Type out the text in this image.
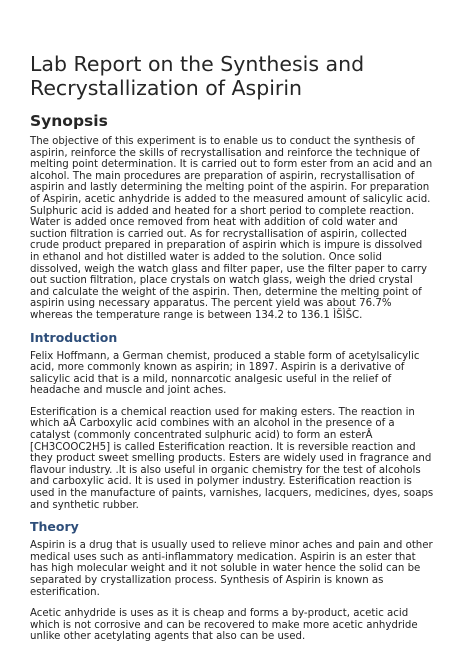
Lab Report on the Synthesis and Recrystallization of Aspirin
Synopsis

The objective of this experiment is to enable us to conduct the synthesis of aspirin, reinforce the skills of recrystallisation and reinforce the technique of melting point determination. It is carried out to form ester from an acid and an alcohol. The main procedures are preparation of aspirin, recrystallisation of aspirin and lastly determining the melting point of the aspirin. For preparation of Aspirin, acetic anhydride is added to the measured amount of salicylic acid. Sulphuric acid is added and heated for a short period to complete reaction. Water is added once removed from heat with addition of cold water and suction filtration is carried out. As for recrystallisation of aspirin, collected crude product prepared in preparation of aspirin which is impure is dissolved in ethanol and hot distilled water is added to the solution. Once solid dissolved, weigh the watch glass and filter paper, use the filter paper to carry out suction filtration, place crystals on watch glass, weigh the dried crystal and calculate the weight of the aspirin. Then, determine the melting point of aspirin using necessary apparatus. The percent yield was about 76.7% whereas the temperature range is between 134.2 to 136.1 ÌŠÌŠC.

Introduction

Felix Hoffmann, a German chemist, produced a stable form of acetylsalicylic acid, more commonly known as aspirin; in 1897. Aspirin is a derivative of salicylic acid that is a mild, nonnarcotic analgesic useful in the relief of headache and muscle and joint aches.

Esterification is a chemical reaction used for making esters. The reaction in which aÂ Carboxylic acid combines with an alcohol in the presence of a catalyst (commonly concentrated sulphuric acid) to form an esterÂ [CH3COOC2H5] is called Esterification reaction. It is reversible reaction and they product sweet smelling products. Esters are widely used in fragrance and flavour industry. .It is also useful in organic chemistry for the test of alcohols and carboxylic acid. It is used in polymer industry. Esterification reaction is used in the manufacture of paints, varnishes, lacquers, medicines, dyes, soaps and synthetic rubber.

Theory

Aspirin is a drug that is usually used to relieve minor aches and pain and other medical uses such as anti-inflammatory medication. Aspirin is an ester that has high molecular weight and it not soluble in water hence the solid can be separated by crystallization process. Synthesis of Aspirin is known as esterification.

Acetic anhydride is uses as it is cheap and forms a by-product, acetic acid which is not corrosive and can be recovered to make more acetic anhydride unlike other acetylating agents that also can be used.
